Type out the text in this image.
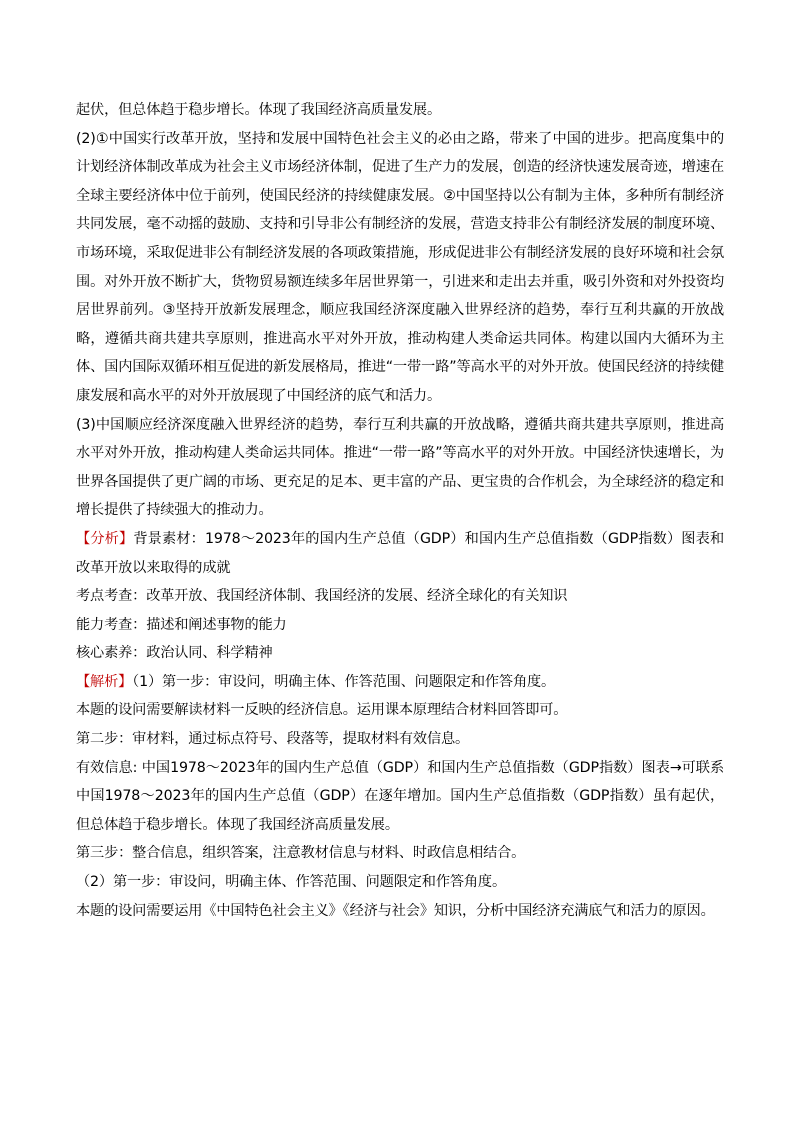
起伏，但总体趋于稳步增长。体现了我国经济高质量发展。

(2)①中国实行改革开放，坚持和发展中国特色社会主义的必由之路，带来了中国的进步。把高度集中的计划经济体制改革成为社会主义市场经济体制，促进了生产力的发展，创造的经济快速发展奇迹，增速在全球主要经济体中位于前列，使国民经济的持续健康发展。②中国坚持以公有制为主体，多种所有制经济共同发展，毫不动摇的鼓励、支持和引导非公有制经济的发展，营造支持非公有制经济发展的制度环境、市场环境，采取促进非公有制经济发展的各项政策措施，形成促进非公有制经济发展的良好环境和社会氛围。对外开放不断扩大，货物贸易额连续多年居世界第一，引进来和走出去并重，吸引外资和对外投资均居世界前列。③坚持开放新发展理念，顺应我国经济深度融入世界经济的趋势，奉行互利共赢的开放战略，遵循共商共建共享原则，推进高水平对外开放，推动构建人类命运共同体。构建以国内大循环为主体、国内国际双循环相互促进的新发展格局，推进“一带一路”等高水平的对外开放。使国民经济的持续健康发展和高水平的对外开放展现了中国经济的底气和活力。

(3)中国顺应经济深度融入世界经济的趋势，奉行互利共赢的开放战略，遵循共商共建共享原则，推进高水平对外开放，推动构建人类命运共同体。推进“一带一路”等高水平的对外开放。中国经济快速增长，为世界各国提供了更广阔的市场、更充足的足本、更丰富的产品、更宝贵的合作机会，为全球经济的稳定和增长提供了持续强大的推动力。

【分析】背景素材：1978～2023年的国内生产总值（GDP）和国内生产总值指数（GDP指数）图表和改革开放以来取得的成就

考点考查：改革开放、我国经济体制、我国经济的发展、经济全球化的有关知识

能力考查：描述和阐述事物的能力

核心素养：政治认同、科学精神

【解析】（1）第一步：审设问，明确主体、作答范围、问题限定和作答角度。

本题的设问需要解读材料一反映的经济信息。运用课本原理结合材料回答即可。

第二步：审材料，通过标点符号、段落等，提取材料有效信息。

有效信息: 中国1978～2023年的国内生产总值（GDP）和国内生产总值指数（GDP指数）图表→可联系中国1978～2023年的国内生产总值（GDP）在逐年增加。国内生产总值指数（GDP指数）虽有起伏，但总体趋于稳步增长。体现了我国经济高质量发展。

第三步：整合信息，组织答案，注意教材信息与材料、时政信息相结合。

（2）第一步：审设问，明确主体、作答范围、问题限定和作答角度。

本题的设问需要运用《中国特色社会主义》《经济与社会》知识，分析中国经济充满底气和活力的原因。
